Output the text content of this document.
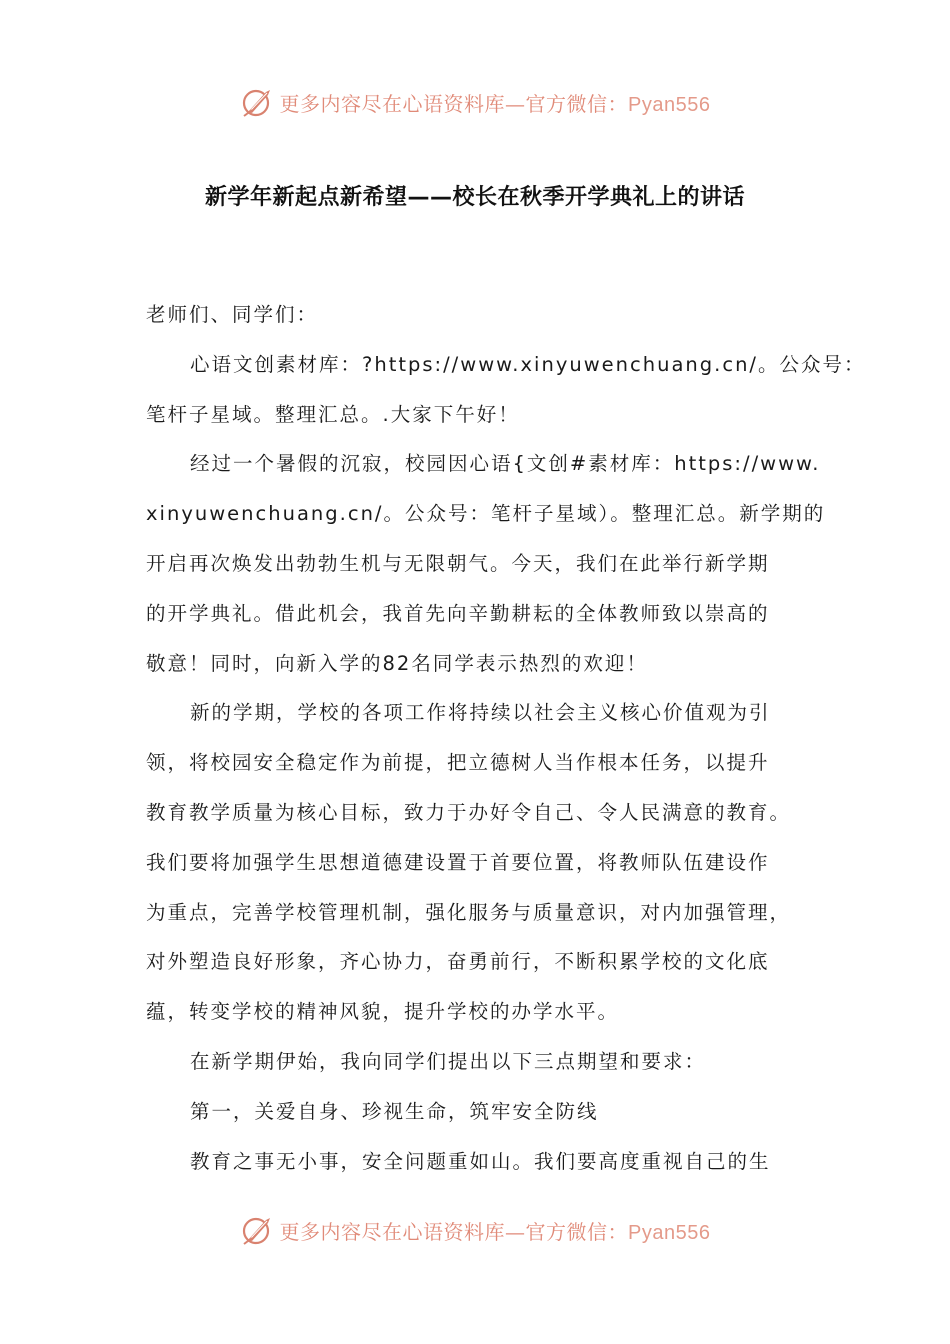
更多内容尽在心语资料库—官方微信：Pyan556
新学年新起点新希望——校长在秋季开学典礼上的讲话
老师们、同学们：
心语文创素材库：?https://www.xinyuwenchuang.cn/。公众号：
笔杆子星域。整理汇总。.大家下午好！
经过一个暑假的沉寂，校园因心语{文创#素材库：https://www.
xinyuwenchuang.cn/。公众号：笔杆子星域）。整理汇总。新学期的
开启再次焕发出勃勃生机与无限朝气。今天，我们在此举行新学期
的开学典礼。借此机会，我首先向辛勤耕耘的全体教师致以崇高的
敬意！同时，向新入学的82名同学表示热烈的欢迎！
新的学期，学校的各项工作将持续以社会主义核心价值观为引
领，将校园安全稳定作为前提，把立德树人当作根本任务，以提升
教育教学质量为核心目标，致力于办好令自己、令人民满意的教育。
我们要将加强学生思想道德建设置于首要位置，将教师队伍建设作
为重点，完善学校管理机制，强化服务与质量意识，对内加强管理，
对外塑造良好形象，齐心协力，奋勇前行，不断积累学校的文化底
蕴，转变学校的精神风貌，提升学校的办学水平。
在新学期伊始，我向同学们提出以下三点期望和要求：
第一，关爱自身、珍视生命，筑牢安全防线
教育之事无小事，安全问题重如山。我们要高度重视自己的生
更多内容尽在心语资料库—官方微信：Pyan556
